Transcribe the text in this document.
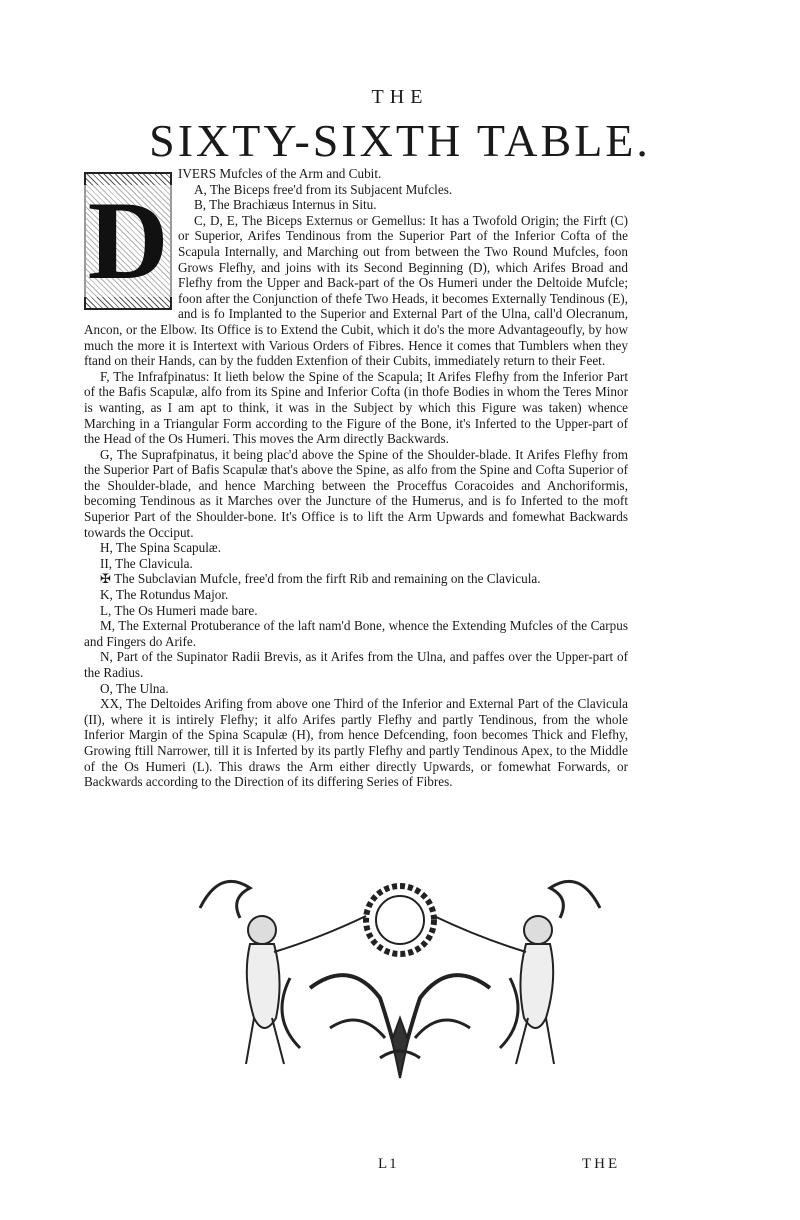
THE
SIXTY-SIXTH TABLE.
D

IVERS Mufcles of the Arm and Cubit.

A, The Biceps free'd from its Subjacent Mufcles.

B, The Brachiæus Internus in Situ.

C, D, E, The Biceps Externus or Gemellus: It has a Twofold Origin; the Firft (C) or Superior, Arifes Tendinous from the Superior Part of the Inferior Cofta of the Scapula Internally, and Marching out from between the Two Round Mufcles, foon Grows Flefhy, and joins with its Second Beginning (D), which Arifes Broad and Flefhy from the Upper and Back-part of the Os Humeri under the Deltoide Mufcle; foon after the Conjunction of thefe Two Heads, it becomes Externally Tendinous (E), and is fo Implanted to the Superior and External Part of the Ulna, call'd Olecranum, Ancon, or the Elbow. Its Office is to Extend the Cubit, which it do's the more Advantageoufly, by how much the more it is Intertext with Various Orders of Fibres. Hence it comes that Tumblers when they ftand on their Hands, can by the fudden Extenfion of their Cubits, immediately return to their Feet.

F, The Infrafpinatus: It lieth below the Spine of the Scapula; It Arifes Flefhy from the Inferior Part of the Bafis Scapulæ, alfo from its Spine and Inferior Cofta (in thofe Bodies in whom the Teres Minor is wanting, as I am apt to think, it was in the Subject by which this Figure was taken) whence Marching in a Triangular Form according to the Figure of the Bone, it's Inferted to the Upper-part of the Head of the Os Humeri. This moves the Arm directly Backwards.

G, The Suprafpinatus, it being plac'd above the Spine of the Shoulder-blade. It Arifes Flefhy from the Superior Part of Bafis Scapulæ that's above the Spine, as alfo from the Spine and Cofta Superior of the Shoulder-blade, and hence Marching between the Proceffus Coracoides and Anchoriformis, becoming Tendinous as it Marches over the Juncture of the Humerus, and is fo Inferted to the moft Superior Part of the Shoulder-bone. It's Office is to lift the Arm Upwards and fomewhat Backwards towards the Occiput.

H, The Spina Scapulæ.

II, The Clavicula.

✠ The Subclavian Mufcle, free'd from the firft Rib and remaining on the Clavicula.

K, The Rotundus Major.

L, The Os Humeri made bare.

M, The External Protuberance of the laft nam'd Bone, whence the Extending Mufcles of the Carpus and Fingers do Arife.

N, Part of the Supinator Radii Brevis, as it Arifes from the Ulna, and paffes over the Upper-part of the Radius.

O, The Ulna.

XX, The Deltoides Arifing from above one Third of the Inferior and External Part of the Clavicula (II), where it is intirely Flefhy; it alfo Arifes partly Flefhy and partly Tendinous, from the whole Inferior Margin of the Spina Scapulæ (H), from hence Defcending, foon becomes Thick and Flefhy, Growing ftill Narrower, till it is Inferted by its partly Flefhy and partly Tendinous Apex, to the Middle of the Os Humeri (L). This draws the Arm either directly Upwards, or fomewhat Forwards, or Backwards according to the Direction of its differing Series of Fibres.

L1	THE
